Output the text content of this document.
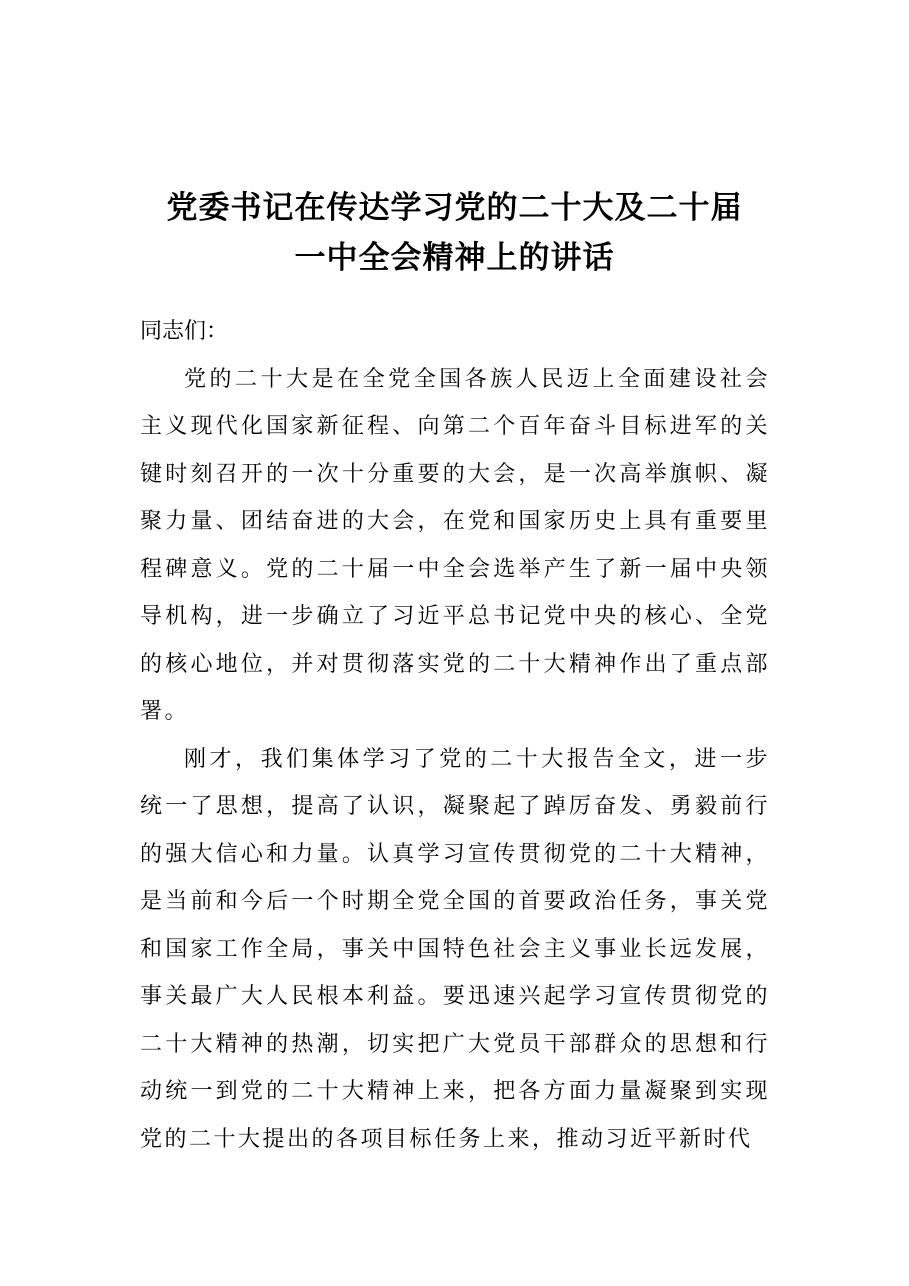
党委书记在传达学习党的二十大及二十届
一中全会精神上的讲话

同志们：

党的二十大是在全党全国各族人民迈上全面建设社会主义现代化国家新征程、向第二个百年奋斗目标进军的关键时刻召开的一次十分重要的大会，是一次高举旗帜、凝聚力量、团结奋进的大会，在党和国家历史上具有重要里程碑意义。党的二十届一中全会选举产生了新一届中央领导机构，进一步确立了习近平总书记党中央的核心、全党的核心地位，并对贯彻落实党的二十大精神作出了重点部署。

刚才，我们集体学习了党的二十大报告全文，进一步统一了思想，提高了认识，凝聚起了踔厉奋发、勇毅前行的强大信心和力量。认真学习宣传贯彻党的二十大精神，是当前和今后一个时期全党全国的首要政治任务，事关党和国家工作全局，事关中国特色社会主义事业长远发展，事关最广大人民根本利益。要迅速兴起学习宣传贯彻党的二十大精神的热潮，切实把广大党员干部群众的思想和行动统一到党的二十大精神上来，把各方面力量凝聚到实现党的二十大提出的各项目标任务上来，推动习近平新时代
